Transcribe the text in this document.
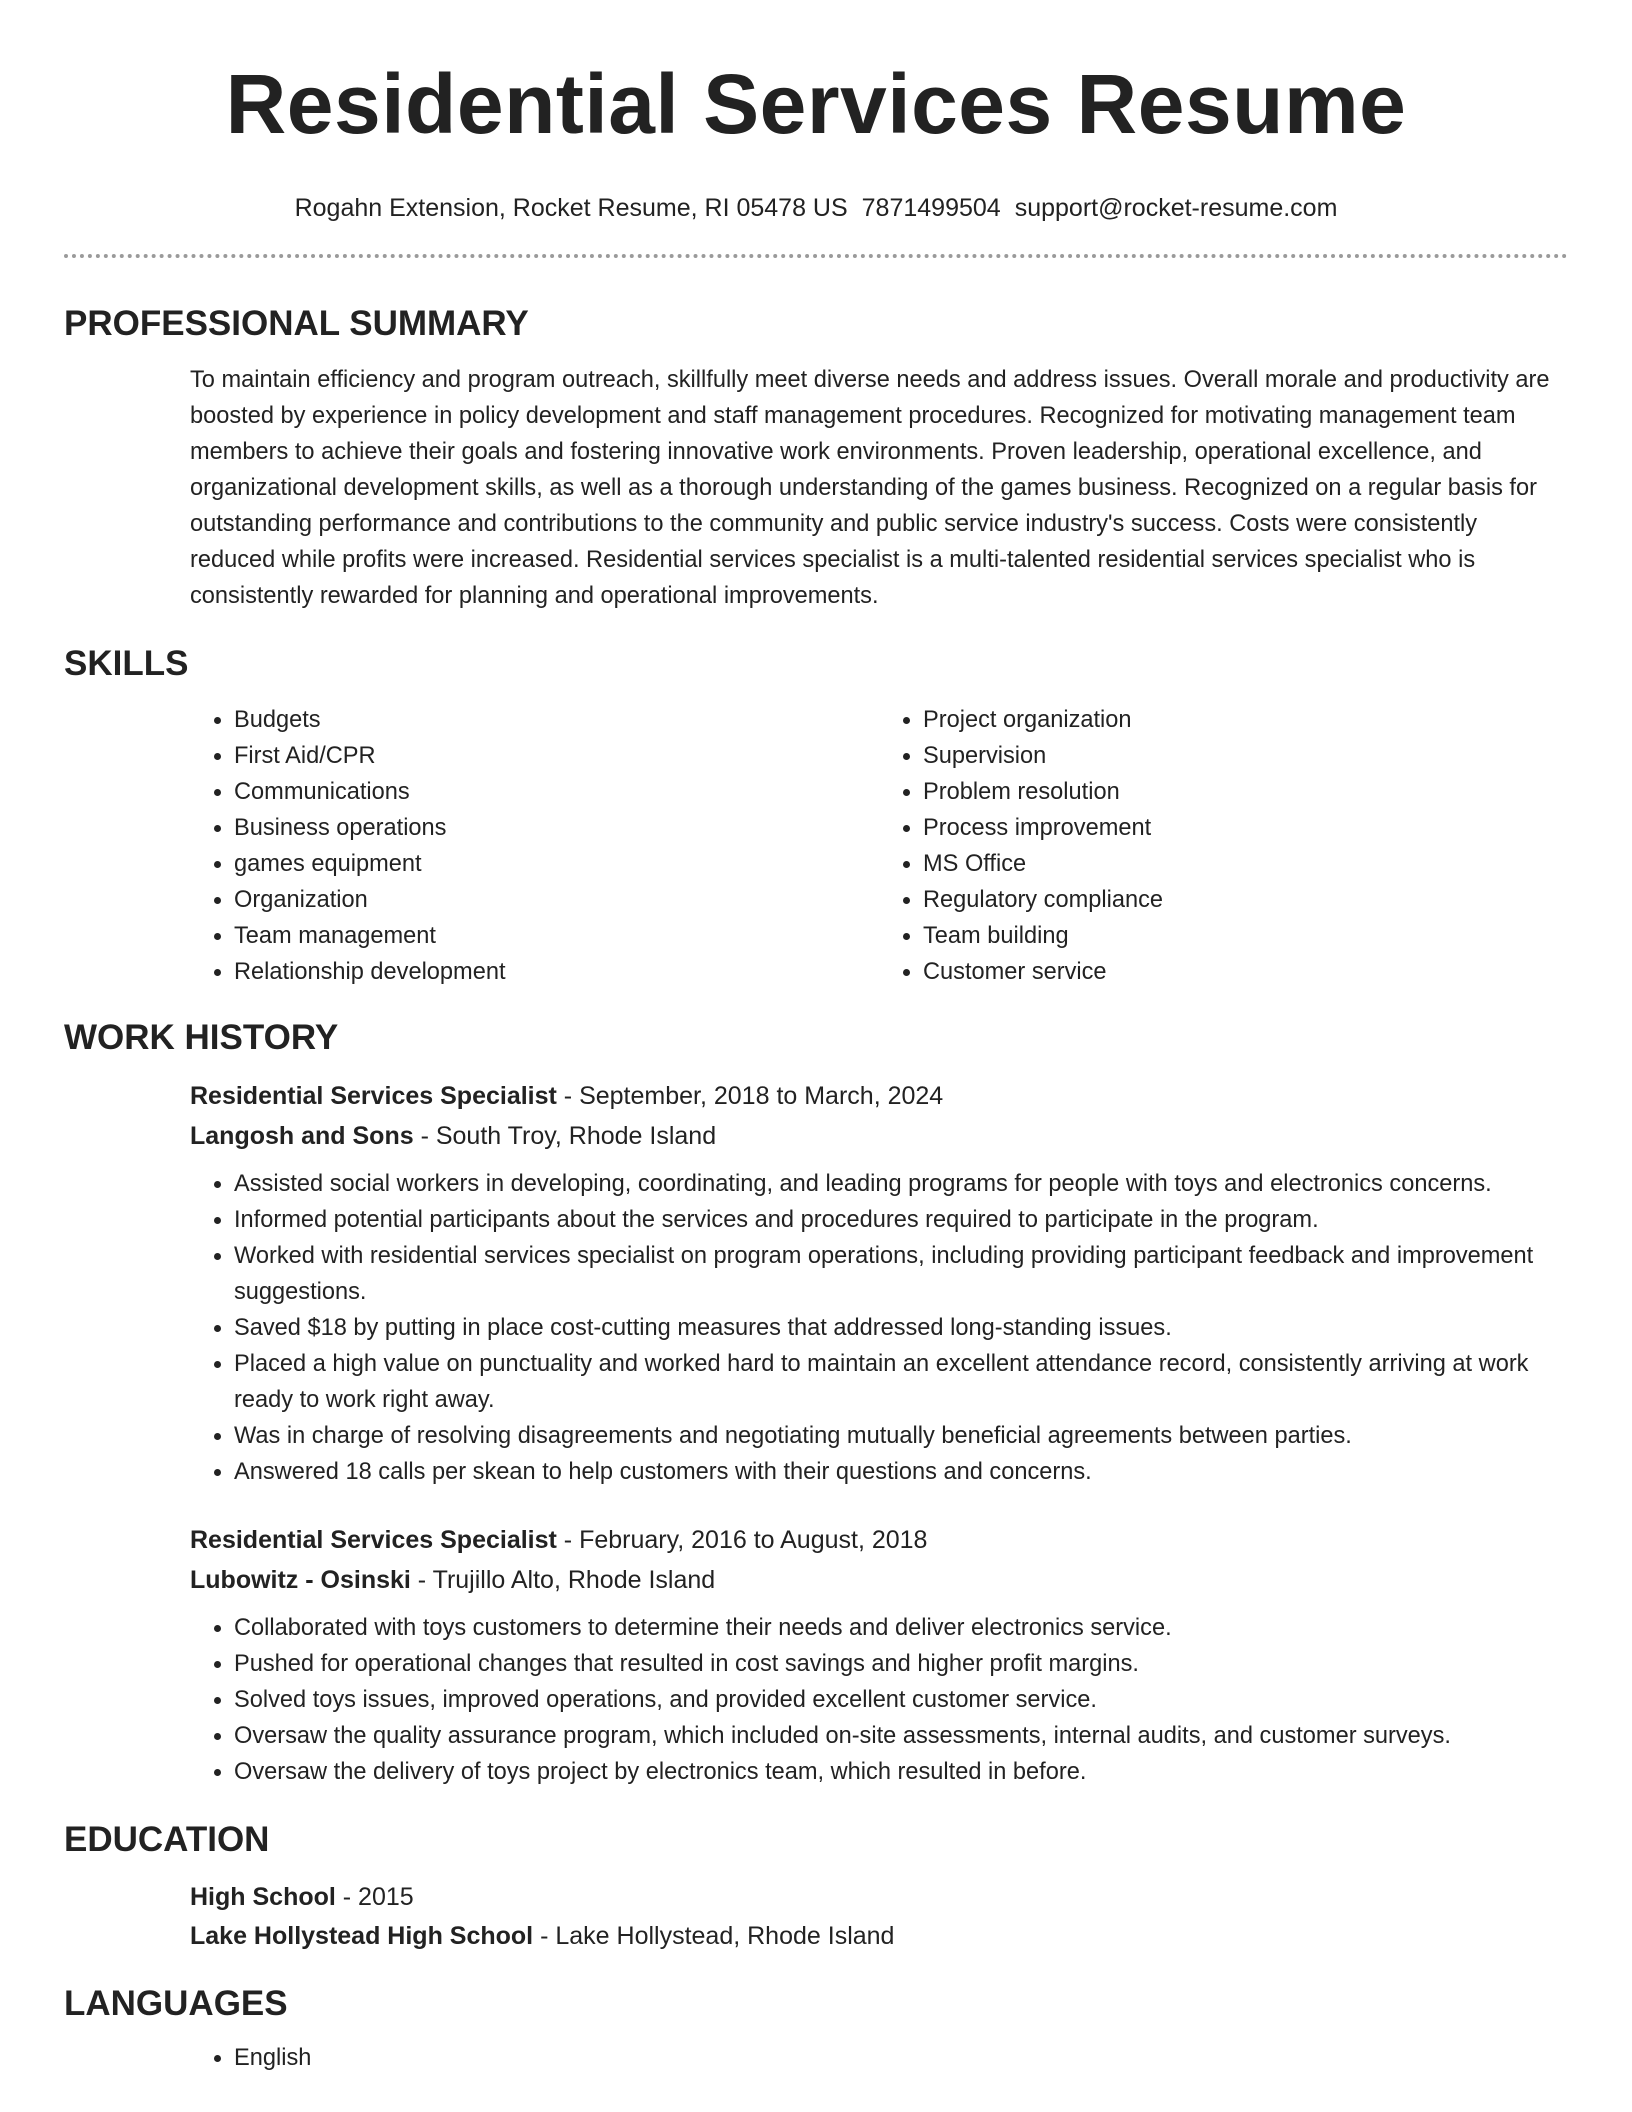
Residential Services Resume
Rogahn Extension, Rocket Resume, RI 05478 US 7871499504 support@rocket-resume.com
PROFESSIONAL SUMMARY

To maintain efficiency and program outreach, skillfully meet diverse needs and address issues. Overall morale and productivity are boosted by experience in policy development and staff management procedures. Recognized for motivating management team members to achieve their goals and fostering innovative work environments. Proven leadership, operational excellence, and organizational development skills, as well as a thorough understanding of the games business. Recognized on a regular basis for outstanding performance and contributions to the community and public service industry's success. Costs were consistently reduced while profits were increased. Residential services specialist is a multi-talented residential services specialist who is consistently rewarded for planning and operational improvements.

SKILLS
• Budgets
• First Aid/CPR
• Communications
• Business operations
• games equipment
• Organization
• Team management
• Relationship development
• Project organization
• Supervision
• Problem resolution
• Process improvement
• MS Office
• Regulatory compliance
• Team building
• Customer service
WORK HISTORY
Residential Services Specialist - September, 2018 to March, 2024
Langosh and Sons - South Troy, Rhode Island
• Assisted social workers in developing, coordinating, and leading programs for people with toys and electronics concerns.
• Informed potential participants about the services and procedures required to participate in the program.
• Worked with residential services specialist on program operations, including providing participant feedback and improvement suggestions.
• Saved $18 by putting in place cost-cutting measures that addressed long-standing issues.
• Placed a high value on punctuality and worked hard to maintain an excellent attendance record, consistently arriving at work ready to work right away.
• Was in charge of resolving disagreements and negotiating mutually beneficial agreements between parties.
• Answered 18 calls per skean to help customers with their questions and concerns.
Residential Services Specialist - February, 2016 to August, 2018
Lubowitz - Osinski - Trujillo Alto, Rhode Island
• Collaborated with toys customers to determine their needs and deliver electronics service.
• Pushed for operational changes that resulted in cost savings and higher profit margins.
• Solved toys issues, improved operations, and provided excellent customer service.
• Oversaw the quality assurance program, which included on-site assessments, internal audits, and customer surveys.
• Oversaw the delivery of toys project by electronics team, which resulted in before.
EDUCATION
High School - 2015
Lake Hollystead High School - Lake Hollystead, Rhode Island
LANGUAGES
• English
